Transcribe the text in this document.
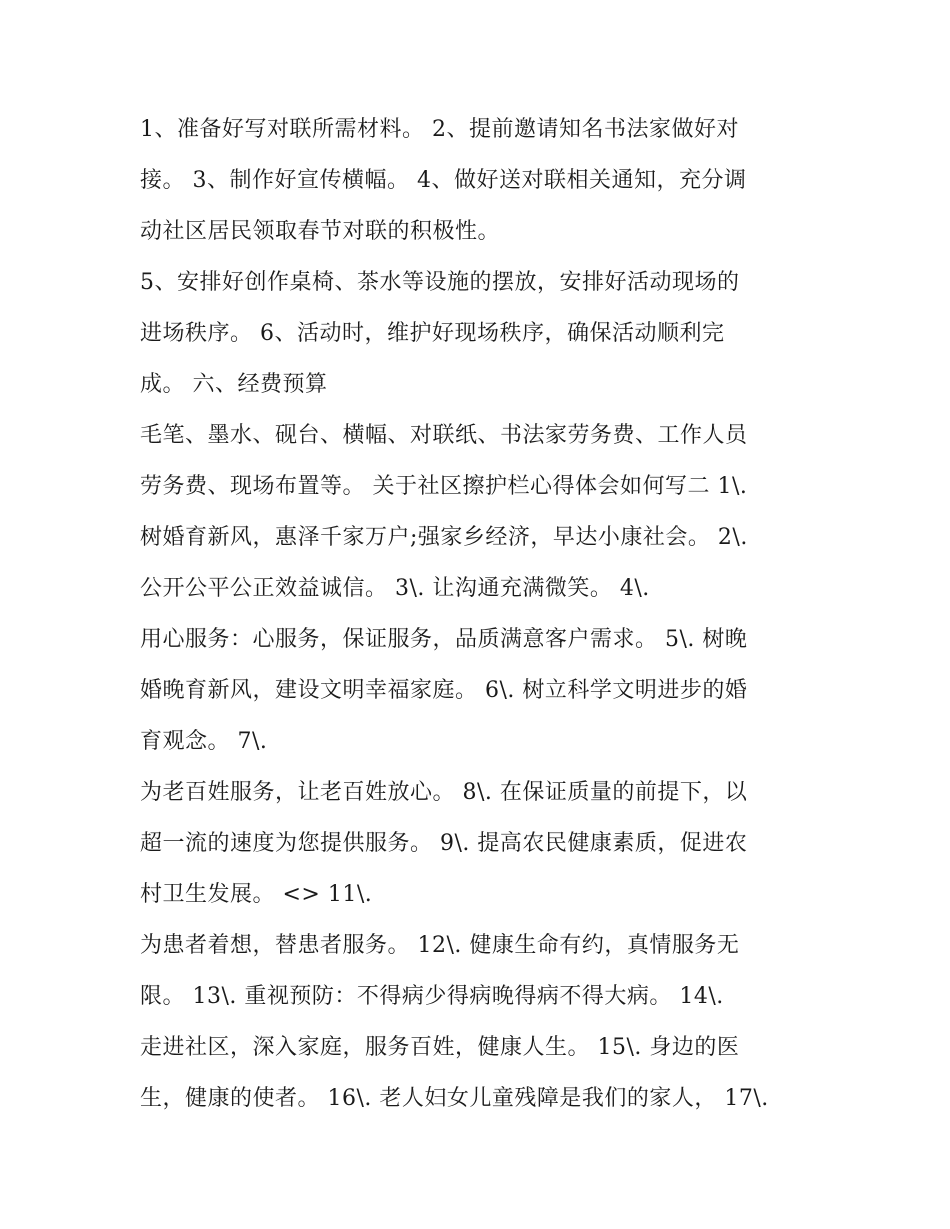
1、准备好写对联所需材料。 2、提前邀请知名书法家做好对
接。 3、制作好宣传横幅。 4、做好送对联相关通知，充分调
动社区居民领取春节对联的积极性。
5、安排好创作桌椅、茶水等设施的摆放，安排好活动现场的
进场秩序。 6、活动时，维护好现场秩序，确保活动顺利完
成。 六、经费预算
毛笔、墨水、砚台、横幅、对联纸、书法家劳务费、工作人员
劳务费、现场布置等。 关于社区擦护栏心得体会如何写二 1\.
树婚育新风，惠泽千家万户;强家乡经济，早达小康社会。 2\.
公开公平公正效益诚信。 3\. 让沟通充满微笑。 4\.
用心服务：心服务，保证服务，品质满意客户需求。 5\. 树晚
婚晚育新风，建设文明幸福家庭。 6\. 树立科学文明进步的婚
育观念。 7\.
为老百姓服务，让老百姓放心。 8\. 在保证质量的前提下，以
超一流的速度为您提供服务。 9\. 提高农民健康素质，促进农
村卫生发展。 <> 11\.
为患者着想，替患者服务。 12\. 健康生命有约，真情服务无
限。 13\. 重视预防：不得病少得病晚得病不得大病。 14\.
走进社区，深入家庭，服务百姓，健康人生。 15\. 身边的医
生，健康的使者。 16\. 老人妇女儿童残障是我们的家人， 17\.
